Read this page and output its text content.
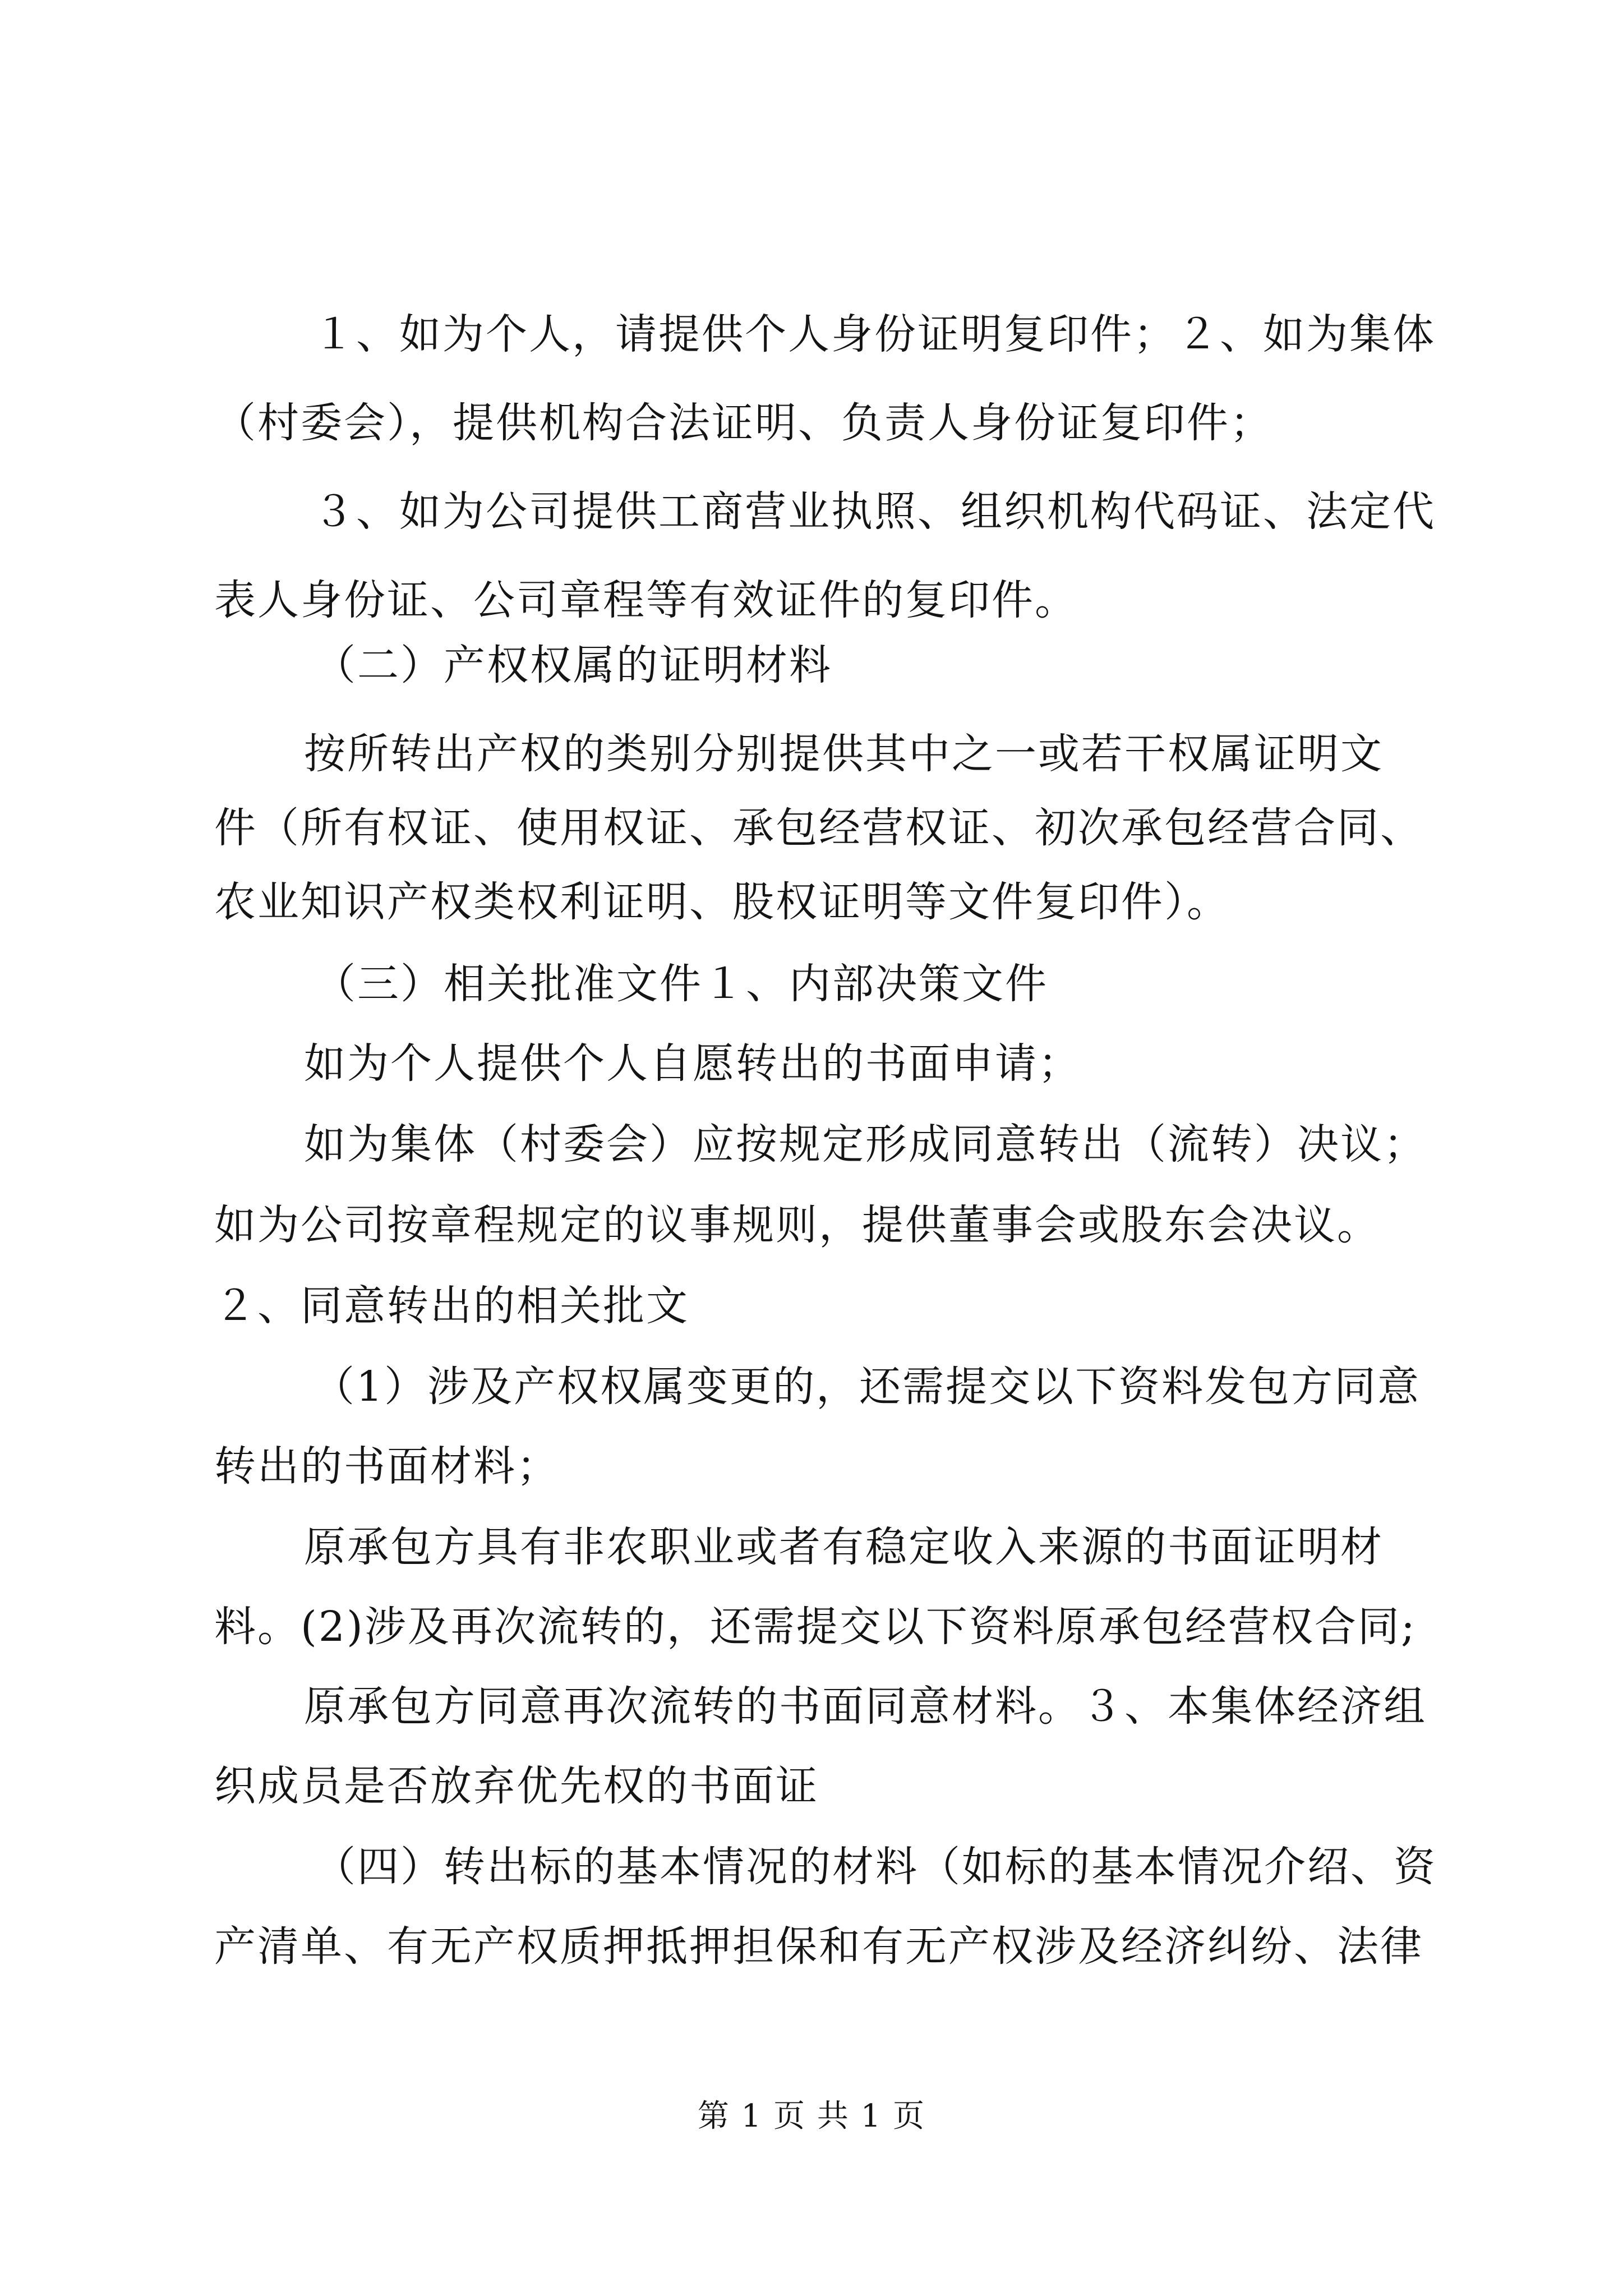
１、如为个人，请提供个人身份证明复印件；２、如为集体
（村委会），提供机构合法证明、负责人身份证复印件；
３、如为公司提供工商营业执照、组织机构代码证、法定代
表人身份证、公司章程等有效证件的复印件。
（二）产权权属的证明材料
按所转出产权的类别分别提供其中之一或若干权属证明文
件（所有权证、使用权证、承包经营权证、初次承包经营合同、
农业知识产权类权利证明、股权证明等文件复印件）。
（三）相关批准文件１、内部决策文件
如为个人提供个人自愿转出的书面申请；
如为集体（村委会）应按规定形成同意转出（流转）决议；
如为公司按章程规定的议事规则，提供董事会或股东会决议。
２、同意转出的相关批文
（1）涉及产权权属变更的，还需提交以下资料发包方同意
转出的书面材料；
原承包方具有非农职业或者有稳定收入来源的书面证明材
料。(2)涉及再次流转的，还需提交以下资料原承包经营权合同;
原承包方同意再次流转的书面同意材料。３、本集体经济组
织成员是否放弃优先权的书面证
（四）转出标的基本情况的材料（如标的基本情况介绍、资
产清单、有无产权质押抵押担保和有无产权涉及经济纠纷、法律
第 1 页 共 1 页
